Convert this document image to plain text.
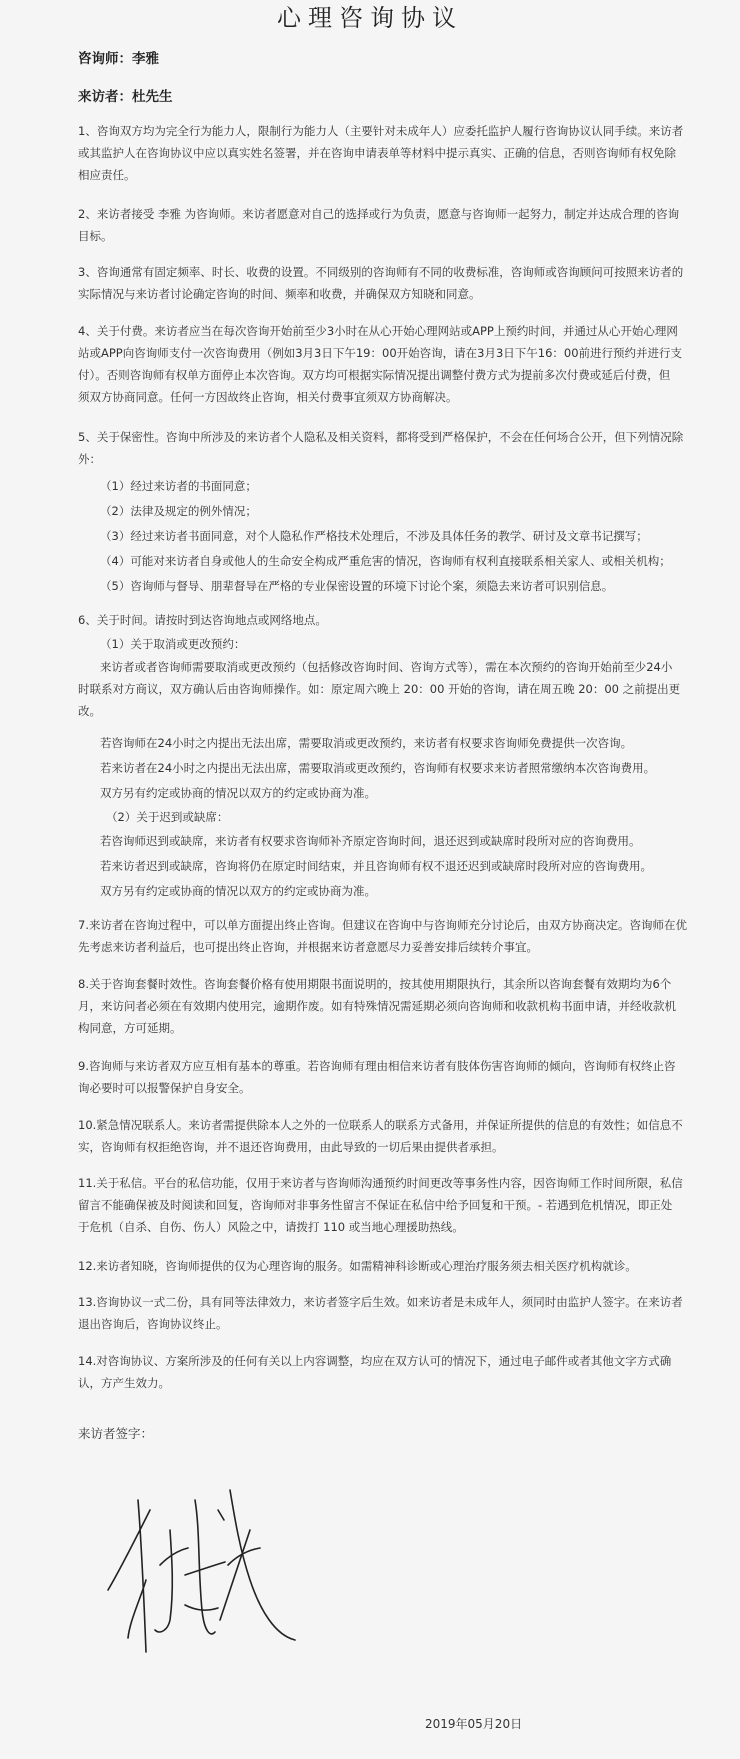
心理咨询协议
咨询师：李雅
来访者：杜先生
1、咨询双方均为完全行为能力人，限制行为能力人（主要针对未成年人）应委托监护人履行咨询协议认同手续。来访者
或其监护人在咨询协议中应以真实姓名签署，并在咨询申请表单等材料中提示真实、正确的信息，否则咨询师有权免除
相应责任。
2、来访者接受 李雅 为咨询师。来访者愿意对自己的选择或行为负责，愿意与咨询师一起努力，制定并达成合理的咨询
目标。
3、咨询通常有固定频率、时长、收费的设置。不同级别的咨询师有不同的收费标准，咨询师或咨询顾问可按照来访者的
实际情况与来访者讨论确定咨询的时间、频率和收费，并确保双方知晓和同意。
4、关于付费。来访者应当在每次咨询开始前至少3小时在从心开始心理网站或APP上预约时间，并通过从心开始心理网
站或APP向咨询师支付一次咨询费用（例如3月3日下午19：00开始咨询，请在3月3日下午16：00前进行预约并进行支
付）。否则咨询师有权单方面停止本次咨询。双方均可根据实际情况提出调整付费方式为提前多次付费或延后付费，但
须双方协商同意。任何一方因故终止咨询，相关付费事宜须双方协商解决。
5、关于保密性。咨询中所涉及的来访者个人隐私及相关资料，都将受到严格保护，不会在任何场合公开，但下列情况除
外：
（1）经过来访者的书面同意；
（2）法律及规定的例外情况；
（3）经过来访者书面同意，对个人隐私作严格技术处理后，不涉及具体任务的教学、研讨及文章书记撰写；
（4）可能对来访者自身或他人的生命安全构成严重危害的情况，咨询师有权利直接联系相关家人、或相关机构；
（5）咨询师与督导、朋辈督导在严格的专业保密设置的环境下讨论个案，须隐去来访者可识别信息。
6、关于时间。请按时到达咨询地点或网络地点。
（1）关于取消或更改预约：
来访者或者咨询师需要取消或更改预约（包括修改咨询时间、咨询方式等），需在本次预约的咨询开始前至少24小
时联系对方商议，双方确认后由咨询师操作。如：原定周六晚上 20：00 开始的咨询，请在周五晚 20：00 之前提出更
改。
若咨询师在24小时之内提出无法出席，需要取消或更改预约，来访者有权要求咨询师免费提供一次咨询。
若来访者在24小时之内提出无法出席，需要取消或更改预约，咨询师有权要求来访者照常缴纳本次咨询费用。
双方另有约定或协商的情况以双方的约定或协商为准。
（2）关于迟到或缺席：
若咨询师迟到或缺席，来访者有权要求咨询师补齐原定咨询时间，退还迟到或缺席时段所对应的咨询费用。
若来访者迟到或缺席，咨询将仍在原定时间结束，并且咨询师有权不退还迟到或缺席时段所对应的咨询费用。
双方另有约定或协商的情况以双方的约定或协商为准。
7.来访者在咨询过程中，可以单方面提出终止咨询。但建议在咨询中与咨询师充分讨论后，由双方协商决定。咨询师在优
先考虑来访者利益后，也可提出终止咨询，并根据来访者意愿尽力妥善安排后续转介事宜。
8.关于咨询套餐时效性。咨询套餐价格有使用期限书面说明的，按其使用期限执行，其余所以咨询套餐有效期均为6个
月，来访问者必须在有效期内使用完，逾期作废。如有特殊情况需延期必须向咨询师和收款机构书面申请，并经收款机
构同意，方可延期。
9.咨询师与来访者双方应互相有基本的尊重。若咨询师有理由相信来访者有肢体伤害咨询师的倾向，咨询师有权终止咨
询必要时可以报警保护自身安全。
10.紧急情况联系人。来访者需提供除本人之外的一位联系人的联系方式备用，并保证所提供的信息的有效性；如信息不
实，咨询师有权拒绝咨询，并不退还咨询费用，由此导致的一切后果由提供者承担。
11.关于私信。平台的私信功能，仅用于来访者与咨询师沟通预约时间更改等事务性内容，因咨询师工作时间所限，私信
留言不能确保被及时阅读和回复，咨询师对非事务性留言不保证在私信中给予回复和干预。- 若遇到危机情况，即正处
于危机（自杀、自伤、伤人）风险之中，请拨打 110 或当地心理援助热线。
12.来访者知晓，咨询师提供的仅为心理咨询的服务。如需精神科诊断或心理治疗服务须去相关医疗机构就诊。
13.咨询协议一式二份，具有同等法律效力，来访者签字后生效。如来访者是未成年人，须同时由监护人签字。在来访者
退出咨询后，咨询协议终止。
14.对咨询协议、方案所涉及的任何有关以上内容调整，均应在双方认可的情况下，通过电子邮件或者其他文字方式确
认，方产生效力。
来访者签字：
2019年05月20日
